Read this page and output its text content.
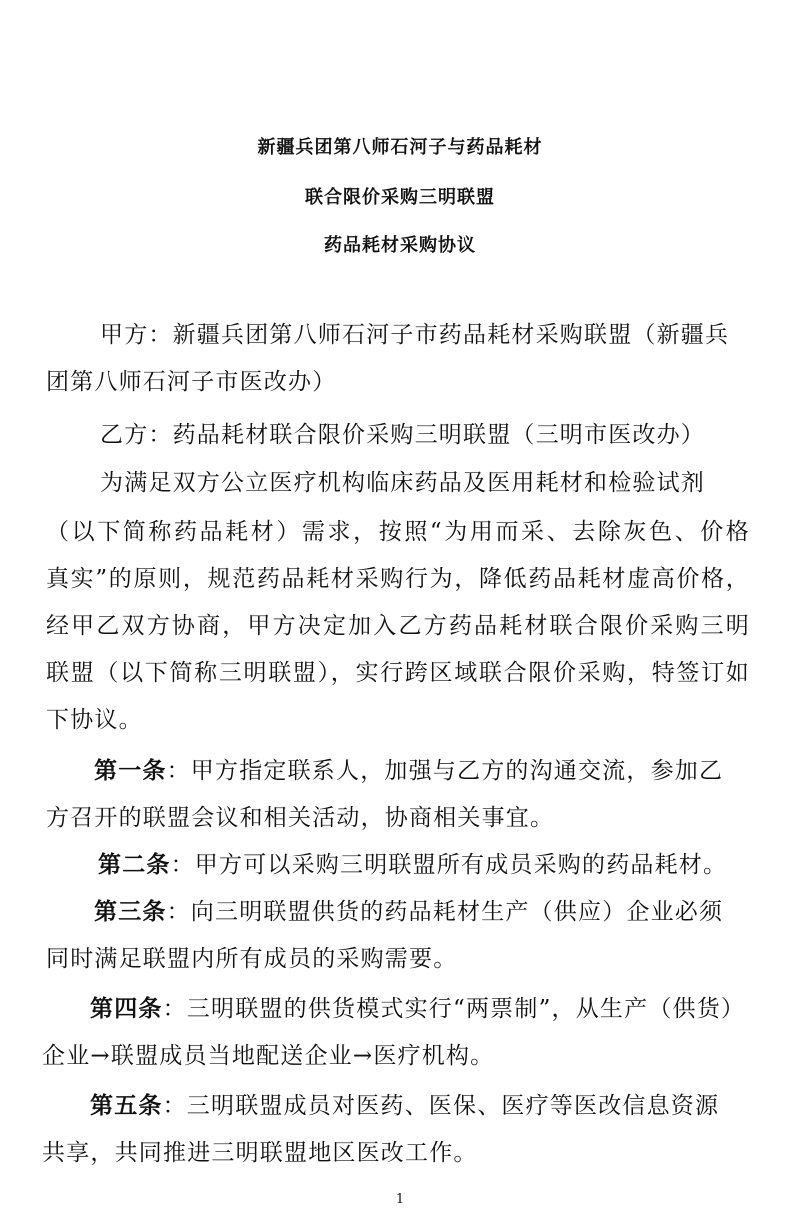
新疆兵团第八师石河子与药品耗材
联合限价采购三明联盟
药品耗材采购协议
甲方：新疆兵团第八师石河子市药品耗材采购联盟（新疆兵
团第八师石河子市医改办）
乙方：药品耗材联合限价采购三明联盟（三明市医改办）
为满足双方公立医疗机构临床药品及医用耗材和检验试剂
（以下简称药品耗材）需求，按照“为用而采、去除灰色、价格
真实”的原则，规范药品耗材采购行为，降低药品耗材虚高价格，
经甲乙双方协商，甲方决定加入乙方药品耗材联合限价采购三明
联盟（以下简称三明联盟），实行跨区域联合限价采购，特签订如
下协议。
第一条：甲方指定联系人，加强与乙方的沟通交流，参加乙
方召开的联盟会议和相关活动，协商相关事宜。
第二条：甲方可以采购三明联盟所有成员采购的药品耗材。
第三条：向三明联盟供货的药品耗材生产（供应）企业必须
同时满足联盟内所有成员的采购需要。
第四条：三明联盟的供货模式实行“两票制”，从生产（供货）
企业→联盟成员当地配送企业→医疗机构。
第五条：三明联盟成员对医药、医保、医疗等医改信息资源
共享，共同推进三明联盟地区医改工作。
1
